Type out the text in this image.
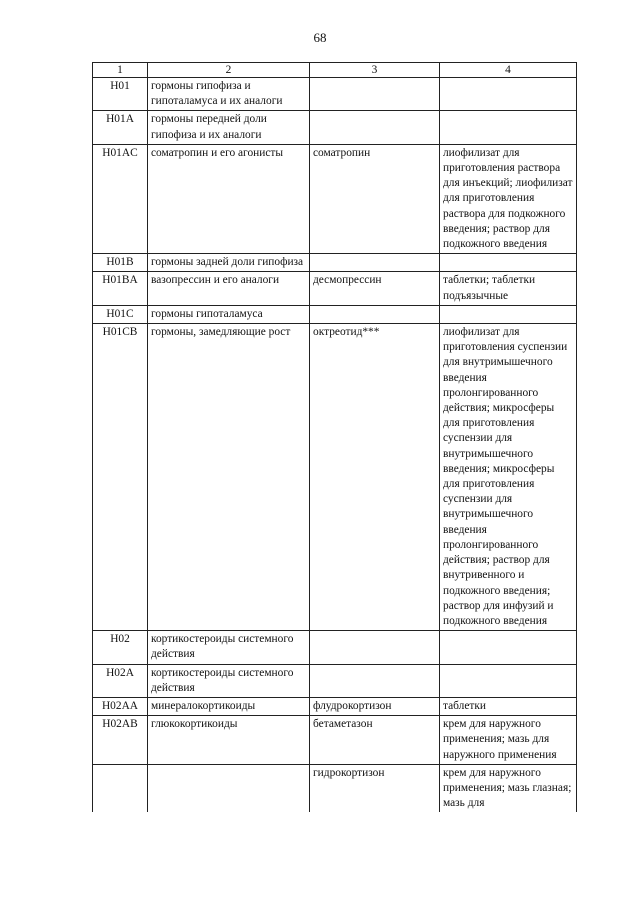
68
1	2	3	4
H01	гормоны гипофиза и гипоталамуса и их аналоги		
H01A	гормоны передней доли гипофиза и их аналоги		
H01AC	соматропин и его агонисты	соматропин	лиофилизат для приготовления раствора для инъекций; лиофилизат для приготовления раствора для подкожного введения; раствор для подкожного введения
H01B	гормоны задней доли гипофиза		
H01BA	вазопрессин и его аналоги	десмопрессин	таблетки; таблетки подъязычные
H01C	гормоны гипоталамуса		
H01CB	гормоны, замедляющие рост	октреотид***	лиофилизат для приготовления суспензии для внутримышечного введения пролонгированного действия; микросферы для приготовления суспензии для внутримышечного введения; микросферы для приготовления суспензии для внутримышечного введения пролонгированного действия; раствор для внутривенного и подкожного введения; раствор для инфузий и подкожного введения
H02	кортикостероиды системного действия		
H02A	кортикостероиды системного действия		
H02AA	минералокортикоиды	флудрокортизон	таблетки
H02AB	глюкокортикоиды	бетаметазон	крем для наружного применения; мазь для наружного применения
		гидрокортизон	крем для наружного применения; мазь глазная; мазь для
